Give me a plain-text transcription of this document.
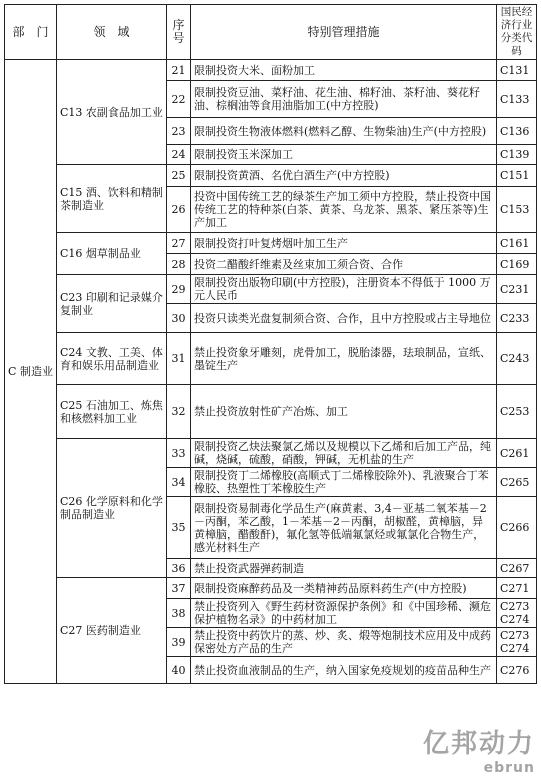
部　门	领　域	序号	特别管理措施	国民经济行业分类代码
C 制造业	C13 农副食品加工业	21	限制投资大米、面粉加工	C131
		22	限制投资豆油、菜籽油、花生油、棉籽油、茶籽油、葵花籽油、棕榈油等食用油脂加工(中方控股)	C133
		23	限制投资生物液体燃料(燃料乙醇、生物柴油)生产(中方控股)	C136
		24	限制投资玉米深加工	C139
	C15 酒、饮料和精制茶制造业	25	限制投资黄酒、名优白酒生产(中方控股)	C151
		26	投资中国传统工艺的绿茶生产加工须中方控股，禁止投资中国传统工艺的特种茶(白茶、黄茶、乌龙茶、黑茶、紧压茶等)生产加工	C153
	C16 烟草制品业	27	限制投资打叶复烤烟叶加工生产	C161
		28	投资二醋酸纤维素及丝束加工须合资、合作	C169
	C23 印刷和记录媒介复制业	29	限制投资出版物印刷(中方控股)，注册资本不得低于 1000 万元人民币	C231
		30	投资只读类光盘复制须合资、合作，且中方控股或占主导地位	C233
	C24 文教、工美、体育和娱乐用品制造业	31	禁止投资象牙雕刻，虎骨加工，脱胎漆器，珐琅制品，宣纸、墨锭生产	C243
	C25 石油加工、炼焦和核燃料加工业	32	禁止投资放射性矿产冶炼、加工	C253
	C26 化学原料和化学制品制造业	33	限制投资乙炔法聚氯乙烯以及规模以下乙烯和后加工产品，纯碱，烧碱，硫酸，硝酸，钾碱，无机盐的生产	C261
		34	限制投资丁二烯橡胶(高顺式丁二烯橡胶除外)、乳液聚合丁苯橡胶、热塑性丁苯橡胶生产	C265
		35	限制投资易制毒化学品生产(麻黄素、3,4－亚基二氧苯基－2－丙酮，苯乙酸，1－苯基－2－丙酮，胡椒醛，黄樟脑，异黄樟脑，醋酸酐)，氟化氢等低端氟氯烃或氟氯化合物生产，感光材料生产	C266
		36	禁止投资武器弹药制造	C267
	C27 医药制造业	37	限制投资麻醉药品及一类精神药品原料药生产(中方控股)	C271
		38	禁止投资列入《野生药材资源保护条例》和《中国珍稀、濒危保护植物名录》的中药材加工	C273 C274
		39	禁止投资中药饮片的蒸、炒、炙、煅等炮制技术应用及中成药保密处方产品的生产	C273 C274
		40	禁止投资血液制品的生产，纳入国家免疫规划的疫苗品种生产	C276
亿邦动力
ebrun
